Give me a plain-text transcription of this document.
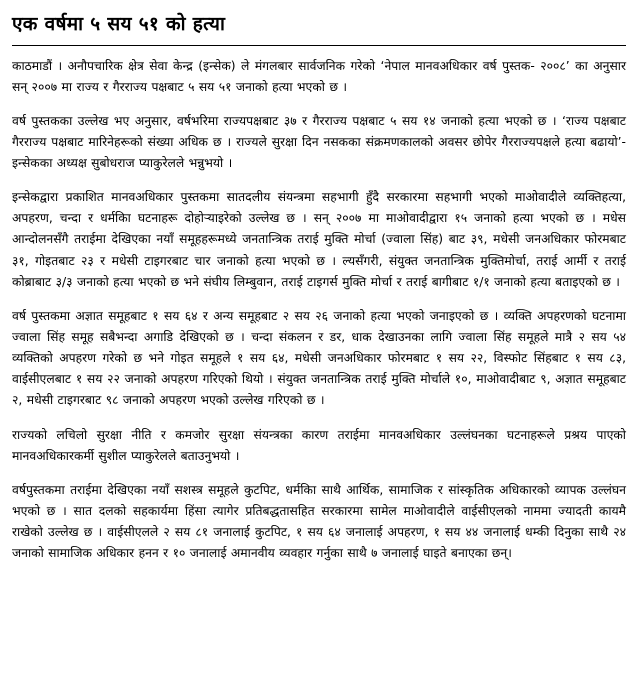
एक वर्षमा ५ सय ५१ को हत्या

काठमाडौं । अनौपचारिक क्षेत्र सेवा केन्द्र (इन्सेक) ले मंगलबार सार्वजनिक गरेको ‘नेपाल मानवअधिकार वर्ष पुस्तक- २००८’ का अनुसार सन् २००७ मा राज्य र गैरराज्य पक्षबाट ५ सय ५१ जनाको हत्या भएको छ ।

वर्ष पुस्तकका उल्लेख भए अनुसार, वर्षभरिमा राज्यपक्षबाट ३७ र गैरराज्य पक्षबाट ५ सय १४ जनाको हत्या भएको छ । ‘राज्य पक्षबाट गैरराज्य पक्षबाट मारिनेहरूको संख्या अधिक छ । राज्यले सुरक्षा दिन नसकका संक्रमणकालको अवसर छोपेर गैरराज्यपक्षले हत्या बढायो’- इन्सेकका अध्यक्ष सुबोधराज प्याकुरेलले भन्नुभयो ।

इन्सेकद्वारा प्रकाशित मानवअधिकार पुस्तकमा सातदलीय संयन्त्रमा सहभागी हुँदै सरकारमा सहभागी भएको माओवादीले व्यक्तिहत्या, अपहरण, चन्दा र धर्मकिा घटनाहरू दोहोऱ्याइरेको उल्लेख छ । सन् २००७ मा माओवादीद्वारा १५ जनाको हत्या भएको छ । मधेस आन्दोलनसँगै तराईमा देखिएका नयाँ समूहहरूमध्ये जनतान्त्रिक तराई मुक्ति मोर्चा (ज्वाला सिंह) बाट ३९, मधेसी जनअधिकार फोरमबाट ३१, गोइतबाट २३ र मधेसी टाइगरबाट चार जनाको हत्या भएको छ । ल्यसँगरी, संयुक्त जनतान्त्रिक मुक्तिमोर्चा, तराई आर्मी र तराई कोब्राबाट ३/३ जनाको हत्या भएको छ भने संघीय लिम्बुवान, तराई टाइगर्स मुक्ति मोर्चा र तराई बागीबाट १/१ जनाको हत्या बताइएको छ ।

वर्ष पुस्तकमा अज्ञात समूहबाट १ सय ६४ र अन्य समूहबाट २ सय २६ जनाको हत्या भएको जनाइएको छ । व्यक्ति अपहरणको घटनामा ज्वाला सिंह समूह सबैभन्दा अगाडि देखिएको छ । चन्दा संकलन र डर, धाक देखाउनका लागि ज्वाला सिंह समूहले मात्रै २ सय ५४ व्यक्तिको अपहरण गरेको छ भने गोइत समूहले १ सय ६४, मधेसी जनअधिकार फोरमबाट १ सय २२, विस्फोट सिंहबाट १ सय ८३, वाईसीएलबाट १ सय २२ जनाको अपहरण गरिएको थियो । संयुक्त जनतान्त्रिक तराई मुक्ति मोर्चाले १०, माओवादीबाट ९, अज्ञात समूहबाट २, मधेसी टाइगरबाट ९८ जनाको अपहरण भएको उल्लेख गरिएको छ ।

राज्यको लचिलो सुरक्षा नीति र कमजोर सुरक्षा संयन्त्रका कारण तराईमा मानवअधिकार उल्लंघनका घटनाहरूले प्रश्रय पाएको मानवअधिकारकर्मी सुशील प्याकुरेलले बताउनुभयो ।

वर्षपुस्तकमा तराईमा देखिएका नयाँ सशस्त्र समूहले कुटपिट, धर्मकिा साथै आर्थिक, सामाजिक र सांस्कृतिक अधिकारको व्यापक उल्लंघन भएको छ । सात दलको सहकार्यमा हिंसा त्यागेर प्रतिबद्धतासहित सरकारमा सामेल माओवादीले वाईसीएलको नाममा ज्यादती कायमै राखेको उल्लेख छ । वाईसीएलले २ सय ८१ जनालाई कुटपिट, १ सय ६४ जनालाई अपहरण, १ सय ४४ जनालाई धम्की दिनुका साथै २४ जनाको सामाजिक अधिकार हनन र १० जनालाई अमानवीय व्यवहार गर्नुका साथै ७ जनालाई घाइते बनाएका छन्।
